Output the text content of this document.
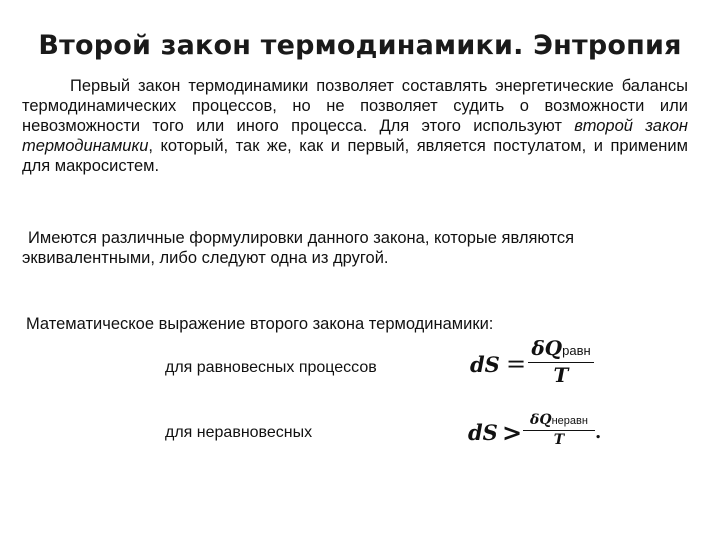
Второй закон термодинамики. Энтропия
Первый закон термодинамики позволяет составлять энергетические балансы термодинамических процессов, но не позволяет судить о возможности или невозможности того или иного процесса. Для этого используют второй закон термодинамики, который, так же, как и первый, является постулатом, и применим для макросистем.
Имеются различные формулировки данного закона, которые являются эквивалентными, либо следуют одна из другой.
Математическое выражение второго закона термодинамики:
для равновесных процессов	dS =
δQравн
T
для неравновесных	dS > δQнеравн
T	.
